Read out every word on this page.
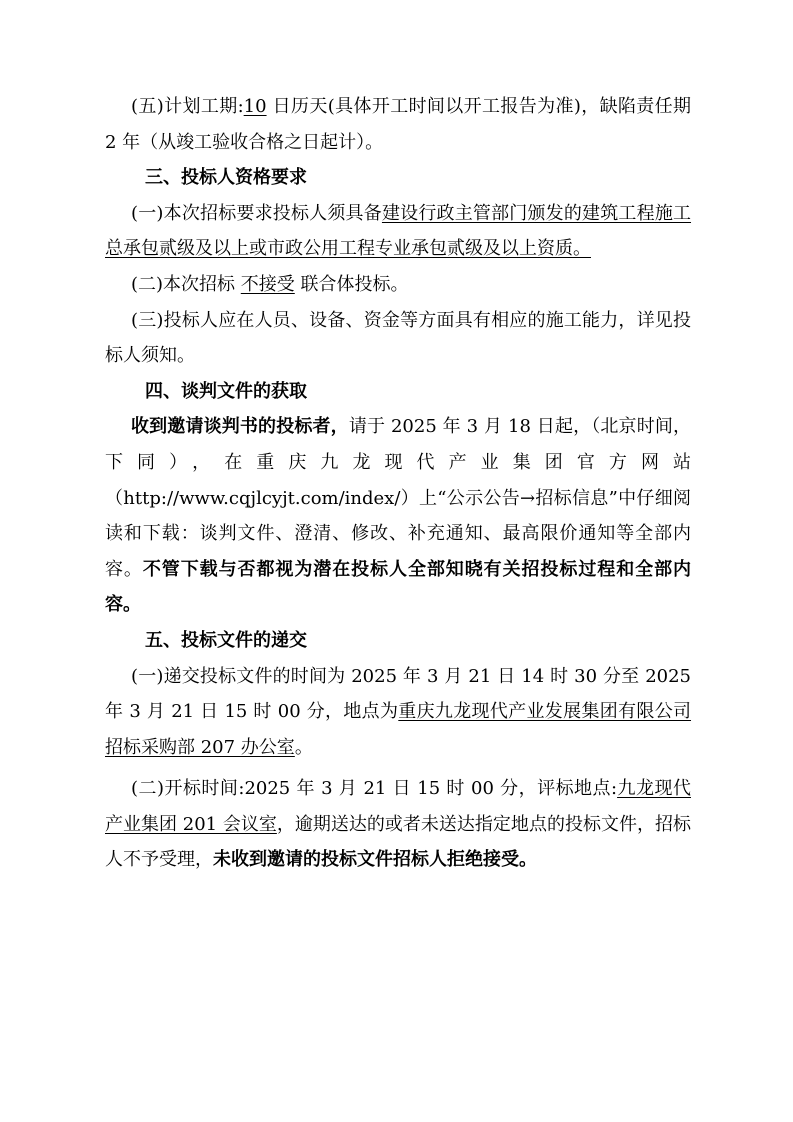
(五)计划工期:10 日历天(具体开工时间以开工报告为准)，缺陷责任期 2 年（从竣工验收合格之日起计）。

三、投标人资格要求

(一)本次招标要求投标人须具备建设行政主管部门颁发的建筑工程施工总承包贰级及以上或市政公用工程专业承包贰级及以上资质。

(二)本次招标 不接受 联合体投标。

(三)投标人应在人员、设备、资金等方面具有相应的施工能力，详见投标人须知。

四、谈判文件的获取

收到邀请谈判书的投标者，请于 2025 年 3 月 18 日起，（北京时间，下同），在重庆九龙现代产业集团官方网站（http://www.cqjlcyjt.com/index/）上“公示公告→招标信息”中仔细阅读和下载：谈判文件、澄清、修改、补充通知、最高限价通知等全部内容。不管下载与否都视为潜在投标人全部知晓有关招投标过程和全部内容。

五、投标文件的递交

(一)递交投标文件的时间为 2025 年 3 月 21 日 14 时 30 分至 2025 年 3 月 21 日 15 时 00 分，地点为重庆九龙现代产业发展集团有限公司招标采购部 207 办公室。

(二)开标时间:2025 年 3 月 21 日 15 时 00 分，评标地点:九龙现代产业集团 201 会议室，逾期送达的或者未送达指定地点的投标文件，招标人不予受理，未收到邀请的投标文件招标人拒绝接受。
